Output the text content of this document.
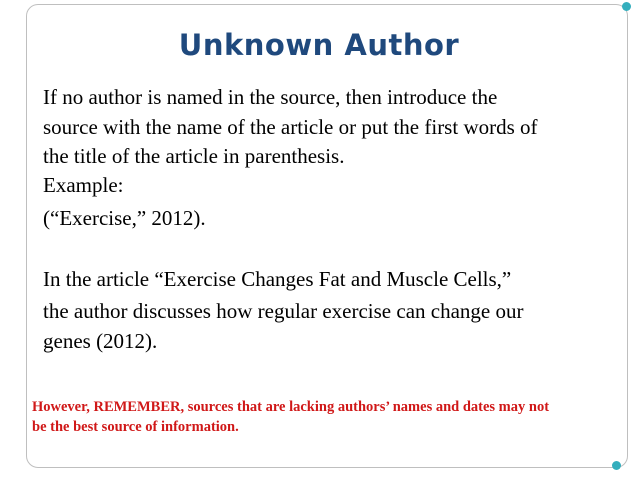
Unknown Author

If no author is named in the source, then introduce the

source with the name of the article or put the first words of

the title of the article in parenthesis.

Example:

(“Exercise,” 2012).

In the article “Exercise Changes Fat and Muscle Cells,”

the author discusses how regular exercise can change our

genes (2012).

However, REMEMBER, sources that are lacking authors’ names and dates may not
be the best source of information.
